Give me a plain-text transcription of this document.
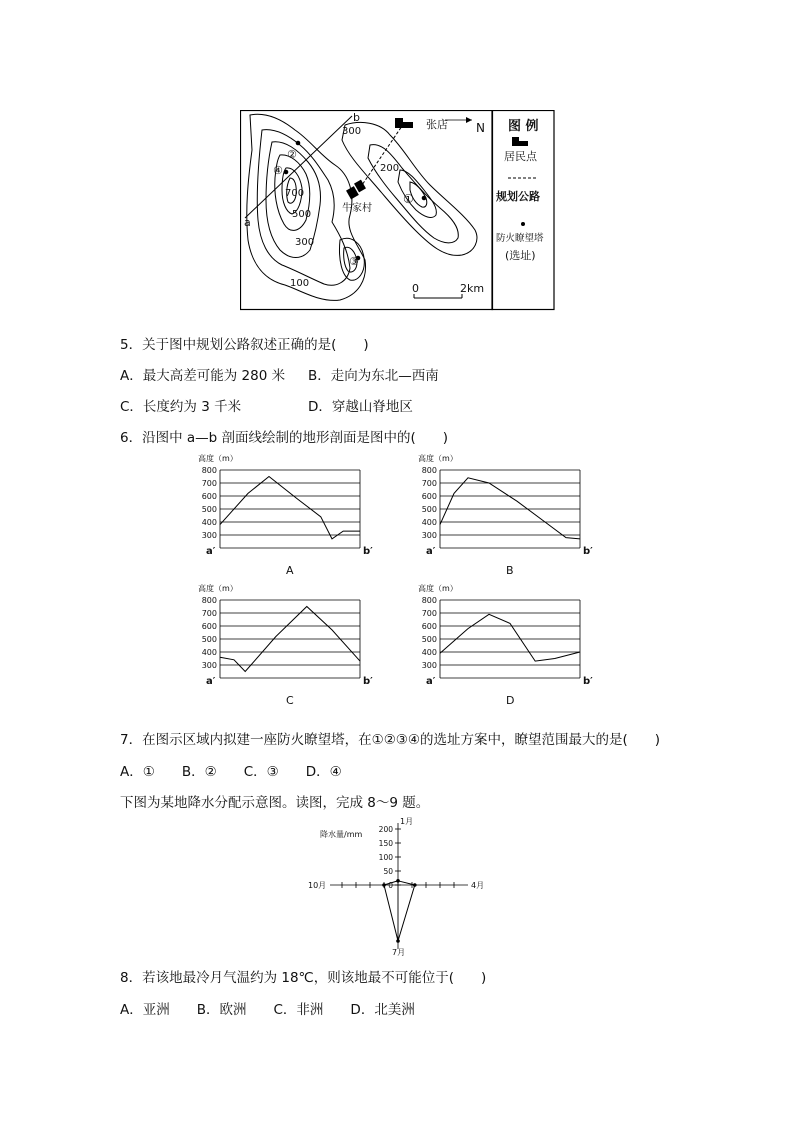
300
200
700
500
300
100
a
b
N
张店
牛家村
①
②
③
④
0	2km
图 例
居民点
规划公路
防火瞭望塔
(选址)
5．关于图中规划公路叙述正确的是(　　)
A．最大高差可能为 280 米 B．走向为东北—西南
C．长度约为 3 千米	D．穿越山脊地区
6．沿图中 a—b 剖面线绘制的地形剖面是图中的(　　)
高度（m）
800
700
600
500
400
300
a′	b′
A
高度（m）
800
700
600
500
400
300
a′	b′
B
高度（m）
800
700
600
500
400
300
a′	b′
C
高度（m）
800
700
600
500
400
300
a′	b′
D
7．在图示区域内拟建一座防火瞭望塔，在①②③④的选址方案中，瞭望范围最大的是(　　)
A．①　　B．②　　C．③　　D．④
下图为某地降水分配示意图。读图，完成 8～9 题。
200
150
100
50
0
降水量/mm
1月
4月
7月
10月
8．若该地最冷月气温约为 18℃，则该地最不可能位于(　　)
A．亚洲　　B．欧洲　　C．非洲　　D．北美洲
